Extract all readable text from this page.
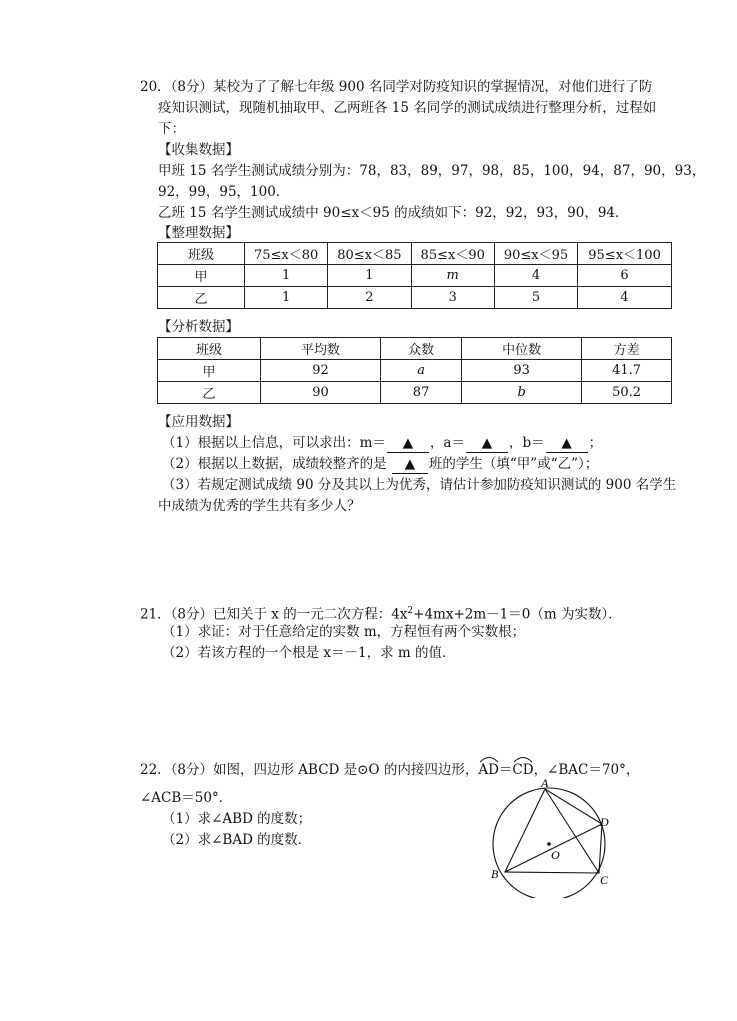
20．（8分）某校为了了解七年级 900 名同学对防疫知识的掌握情况，对他们进行了防
疫知识测试，现随机抽取甲、乙两班各 15 名同学的测试成绩进行整理分析，过程如
下：
【收集数据】
甲班 15 名学生测试成绩分别为：78，83，89，97，98，85，100，94，87，90，93，
92，99，95，100．
乙班 15 名学生测试成绩中 90≤x＜95 的成绩如下：92，92，93，90，94．
【整理数据】
班级	75≤x＜80	80≤x＜85	85≤x＜90	90≤x＜95	95≤x＜100
甲	1	1	m	4	6
乙	1	2	3	5	4
【分析数据】
班级	平均数	众数	中位数	方差
甲	92	a	93	41.7
乙	90	87	b	50.2
【应用数据】
（1）根据以上信息，可以求出：m＝ ▲ ，a＝ ▲ ，b＝ ▲ ；
（2）根据以上数据，成绩较整齐的是 ▲ 班的学生（填“甲”或“乙”）；
（3）若规定测试成绩 90 分及其以上为优秀，请估计参加防疫知识测试的 900 名学生
中成绩为优秀的学生共有多少人？
21．（8分）已知关于 x 的一元二次方程：$4x^2+4mx+2m-1=0(m$ 为实数）．
（1）求证：对于任意给定的实数 m，方程恒有两个实数根；
（2）若该方程的一个根是 x＝－1，求 m 的值．
22．（8分）如图，四边形 ABCD 是⊙O 的内接四边形，
AD＝
CD，∠BAC＝70°，
∠ACB＝50°．
（1）求∠ABD 的度数；
（2）求∠BAD 的度数．
A
B	C
D
O
